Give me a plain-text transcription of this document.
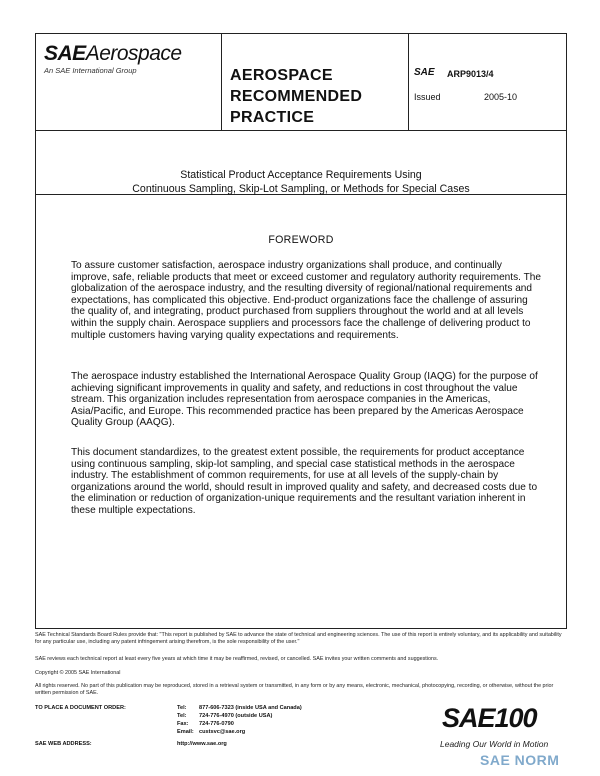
SAEAerospace
An SAE International Group	AEROSPACE
RECOMMENDED
PRACTICE
SAE ARP9013/4
Issued	2005-10
Statistical Product Acceptance Requirements Using
Continuous Sampling, Skip-Lot Sampling, or Methods for Special Cases
FOREWORD

To assure customer satisfaction, aerospace industry organizations shall produce, and continually improve, safe, reliable products that meet or exceed customer and regulatory authority requirements. The globalization of the aerospace industry, and the resulting diversity of regional/national requirements and expectations, has complicated this objective. End-product organizations face the challenge of assuring the quality of, and integrating, product purchased from suppliers throughout the world and at all levels within the supply chain. Aerospace suppliers and processors face the challenge of delivering product to multiple customers having varying quality expectations and requirements.

The aerospace industry established the International Aerospace Quality Group (IAQG) for the purpose of achieving significant improvements in quality and safety, and reductions in cost throughout the value stream. This organization includes representation from aerospace companies in the Americas, Asia/Pacific, and Europe. This recommended practice has been prepared by the Americas Aerospace Quality Group (AAQG).

This document standardizes, to the greatest extent possible, the requirements for product acceptance using continuous sampling, skip-lot sampling, and special case statistical methods in the aerospace industry. The establishment of common requirements, for use at all levels of the supply-chain by organizations around the world, should result in improved quality and safety, and decreased costs due to the elimination or reduction of organization-unique requirements and the resultant variation inherent in these multiple expectations.

SAE Technical Standards Board Rules provide that: "This report is published by SAE to advance the state of technical and engineering sciences. The use of this report is entirely voluntary, and its applicability and suitability for any particular use, including any patent infringement arising therefrom, is the sole responsibility of the user."
SAE reviews each technical report at least every five years at which time it may be reaffirmed, revised, or cancelled. SAE invites your written comments and suggestions.
Copyright © 2005 SAE International
All rights reserved. No part of this publication may be reproduced, stored in a retrieval system or transmitted, in any form or by any means, electronic, mechanical, photocopying, recording, or otherwise, without the prior written permission of SAE.
TO PLACE A DOCUMENT ORDER:	Tel: 877-606-7323 (inside USA and Canada)
Tel: 724-776-4970 (outside USA)
Fax: 724-776-0790
Email: custsvc@sae.org
SAE WEB ADDRESS:	http://www.sae.org
SAE100
Leading Our World in Motion
SAE NORM
